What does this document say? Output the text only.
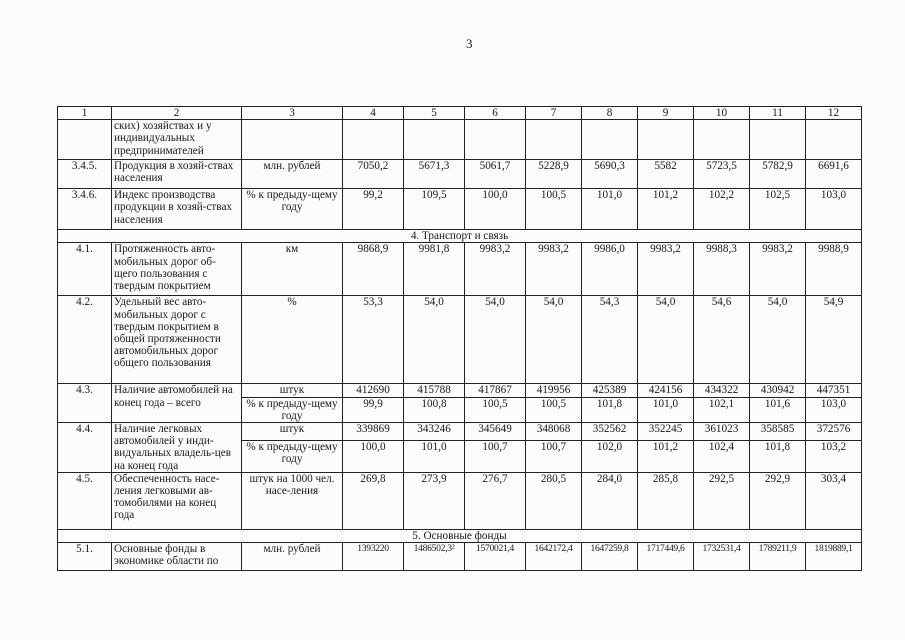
3
1	2	3	4	5	6	7	8	9	10	11	12
	ских) хозяйствах и у индивидуальных предпринимателей										
3.4.5.	Продукция в хозяй-ствах населения	млн. рублей	7050,2	5671,3	5061,7	5228,9	5690,3	5582	5723,5	5782,9	6691,6
3.4.6.	Индекс производства продукции в хозяй-ствах населения	% к предыду-щему году	99,2	109,5	100,0	100,5	101,0	101,2	102,2	102,5	103,0
4. Транспорт и связь											
4.1.	Протяженность авто-мобильных дорог об-щего пользования с твердым покрытием	км	9868,9	9981,8	9983,2	9983,2	9986,0	9983,2	9988,3	9983,2	9988,9
4.2.	Удельный вес авто-мобильных дорог с твердым покрытием в общей протяженности автомобильных дорог общего пользования	%	53,3	54,0	54,0	54,0	54,3	54,0	54,6	54,0	54,9
4.3.	Наличие автомобилей на конец года – всего	штук	412690	415788	417867	419956	425389	424156	434322	430942	447351
		% к предыду-щему году	99,9	100,8	100,5	100,5	101,8	101,0	102,1	101,6	103,0
4.4.	Наличие легковых автомобилей у инди-видуальных владель-цев на конец года	штук	339869	343246	345649	348068	352562	352245	361023	358585	372576
		% к предыду-щему году	100,0	101,0	100,7	100,7	102,0	101,2	102,4	101,8	103,2
4.5.	Обеспеченность насе-ления легковыми ав-томобилями на конец года	штук на 1000 чел. насе-ления	269,8	273,9	276,7	280,5	284,0	285,8	292,5	292,9	303,4
5. Основные фонды											
5.1.	Основные фонды в экономике области по	млн. рублей	1393220	1486502,3²	1570021,4	1642172,4	1647259,8	1717449,6	1732531,4	1789211,9	1819889,1
